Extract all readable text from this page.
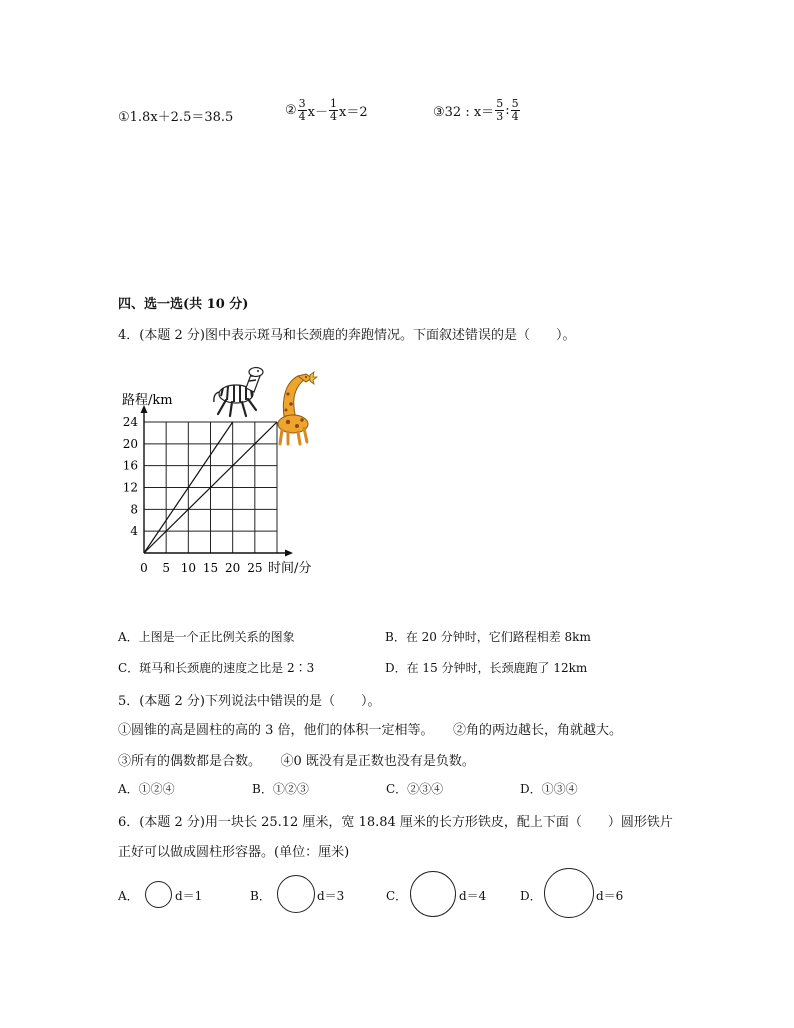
①1.8x＋2.5＝38.5	② $\frac{3}{4} x- \frac{1}{4} x=2$	③32 : $x= \frac{5}{3}$ : $\frac{5}{4}$
四、选一选(共 10 分)
4．(本题 2 分)图中表示斑马和长颈鹿的奔跑情况。下面叙述错误的是（　　）。
0 5 10 15 20 25
4
8
12
16
20
24
路程/km
时间/分
A．上图是一个正比例关系的图象	B．在 20 分钟时，它们路程相差 8km
C．斑马和长颈鹿的速度之比是 2∶3	D．在 15 分钟时，长颈鹿跑了 12km
5．(本题 2 分)下列说法中错误的是（　　）。
①圆锥的高是圆柱的高的 3 倍，他们的体积一定相等。　　②角的两边越长，角就越大。
③所有的偶数都是合数。　　④0 既没有是正数也没有是负数。
A．①②④	B．①②③	C．②③④	D．①③④
6．(本题 2 分)用一块长 25.12 厘米，宽 18.84 厘米的长方形铁皮，配上下面（　　）圆形铁片
正好可以做成圆柱形容器。(单位：厘米)
A．	d＝1	B．	d＝3	C．	d＝4	D．	d＝6
